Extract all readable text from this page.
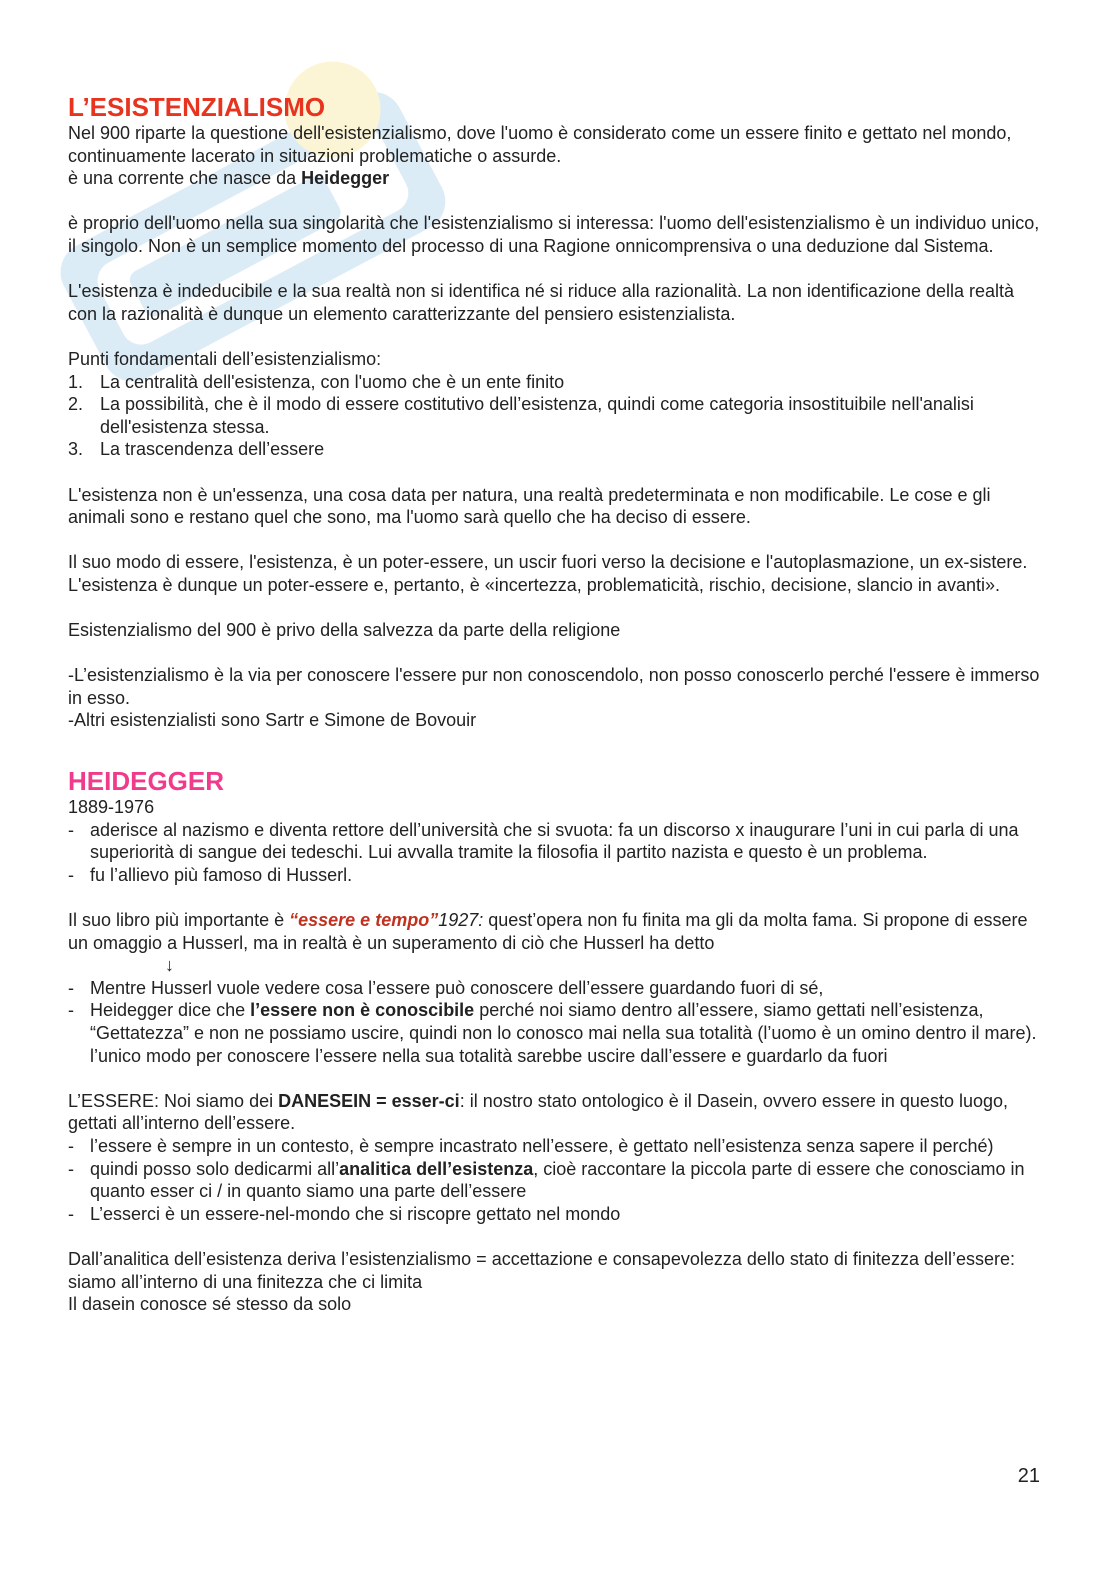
L’ESISTENZIALISMO

Nel 900 riparte la questione dell'esistenzialismo, dove l'uomo è considerato come un essere finito e gettato nel mondo, continuamente lacerato in situazioni problematiche o assurde.

è una corrente che nasce da Heidegger

è proprio dell'uomo nella sua singolarità che l'esistenzialismo si interessa: l'uomo dell'esistenzialismo è un individuo unico, il singolo. Non è un semplice momento del processo di una Ragione onnicomprensiva o una deduzione dal Sistema.

L'esistenza è indeducibile e la sua realtà non si identifica né si riduce alla razionalità. La non identificazione della realtà con la razionalità è dunque un elemento caratterizzante del pensiero esistenzialista.

Punti fondamentali dell’esistenzialismo:

1. La centralità dell'esistenza, con l'uomo che è un ente finito
2. La possibilità, che è il modo di essere costitutivo dell’esistenza, quindi come categoria insostituibile nell'analisi dell'esistenza stessa.
3. La trascendenza dell’essere

L'esistenza non è un'essenza, una cosa data per natura, una realtà predeterminata e non modificabile. Le cose e gli animali sono e restano quel che sono, ma l'uomo sarà quello che ha deciso di essere.

Il suo modo di essere, l'esistenza, è un poter-essere, un uscir fuori verso la decisione e l'autoplasmazione, un ex-sistere. L'esistenza è dunque un poter-essere e, pertanto, è «incertezza, problematicità, rischio, decisione, slancio in avanti».

Esistenzialismo del 900 è privo della salvezza da parte della religione

-L’esistenzialismo è la via per conoscere l'essere pur non conoscendolo, non posso conoscerlo perché l'essere è immerso in esso.

-Altri esistenzialisti sono Sartr e Simone de Bovouir

HEIDEGGER

1889-1976

- aderisce al nazismo e diventa rettore dell’università che si svuota: fa un discorso x inaugurare l’uni in cui parla di una superiorità di sangue dei tedeschi. Lui avvalla tramite la filosofia il partito nazista e questo è un problema.
- fu l’allievo più famoso di Husserl.

Il suo libro più importante è “essere e tempo”1927: quest’opera non fu finita ma gli da molta fama. Si propone di essere un omaggio a Husserl, ma in realtà è un superamento di ciò che Husserl ha detto

↓

- Mentre Husserl vuole vedere cosa l’essere può conoscere dell’essere guardando fuori di sé,
- Heidegger dice che l’essere non è conoscibile perché noi siamo dentro all’essere, siamo gettati nell’esistenza, “Gettatezza” e non ne possiamo uscire, quindi non lo conosco mai nella sua totalità (l’uomo è un omino dentro il mare). l’unico modo per conoscere l’essere nella sua totalità sarebbe uscire dall’essere e guardarlo da fuori

L’ESSERE: Noi siamo dei DANESEIN = esser-ci: il nostro stato ontologico è il Dasein, ovvero essere in questo luogo, gettati all’interno dell’essere.

- l’essere è sempre in un contesto, è sempre incastrato nell’essere, è gettato nell’esistenza senza sapere il perché)
- quindi posso solo dedicarmi all’analitica dell’esistenza, cioè raccontare la piccola parte di essere che conosciamo in quanto esser ci / in quanto siamo una parte dell’essere
- L’esserci è un essere-nel-mondo che si riscopre gettato nel mondo

Dall’analitica dell’esistenza deriva l’esistenzialismo = accettazione e consapevolezza dello stato di finitezza dell’essere: siamo all’interno di una finitezza che ci limita

Il dasein conosce sé stesso da solo

21
